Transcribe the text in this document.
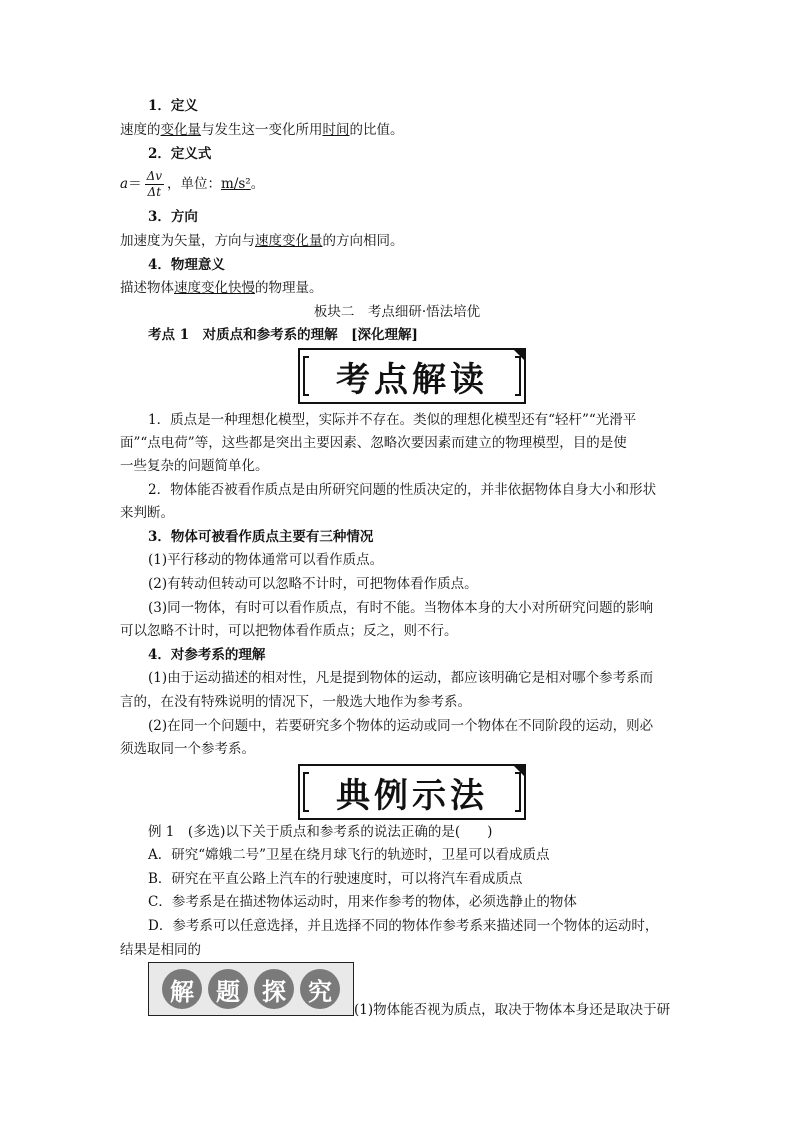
1．定义
速度的变化量与发生这一变化所用时间的比值。
2．定义式
$a = \frac{\Delta v}{\Delta t}$ ，单位： m/s² 。
3．方向
加速度为矢量，方向与速度变化量的方向相同。
4．物理意义
描述物体速度变化快慢的物理量。
板块二　考点细研·悟法培优
考点 1　对质点和参考系的理解　[深化理解]
考点解读
1．质点是一种理想化模型，实际并不存在。类似的理想化模型还有“轻杆”“光滑平
面”“点电荷”等，这些都是突出主要因素、忽略次要因素而建立的物理模型，目的是使
一些复杂的问题简单化。
2．物体能否被看作质点是由所研究问题的性质决定的，并非依据物体自身大小和形状
来判断。
3．物体可被看作质点主要有三种情况
(1)平行移动的物体通常可以看作质点。
(2)有转动但转动可以忽略不计时，可把物体看作质点。
(3)同一物体，有时可以看作质点，有时不能。当物体本身的大小对所研究问题的影响
可以忽略不计时，可以把物体看作质点；反之，则不行。
4．对参考系的理解
(1)由于运动描述的相对性，凡是提到物体的运动，都应该明确它是相对哪个参考系而
言的，在没有特殊说明的情况下，一般选大地作为参考系。
(2)在同一个问题中，若要研究多个物体的运动或同一个物体在不同阶段的运动，则必
须选取同一个参考系。
典例示法
例 1　(多选)以下关于质点和参考系的说法正确的是(　　)
A．研究“嫦娥二号”卫星在绕月球飞行的轨迹时，卫星可以看成质点
B．研究在平直公路上汽车的行驶速度时，可以将汽车看成质点
C．参考系是在描述物体运动时，用来作参考的物体，必须选静止的物体
D．参考系可以任意选择，并且选择不同的物体作参考系来描述同一个物体的运动时，
结果是相同的
解 题 探 究
(1)物体能否视为质点，取决于物体本身还是取决于研
